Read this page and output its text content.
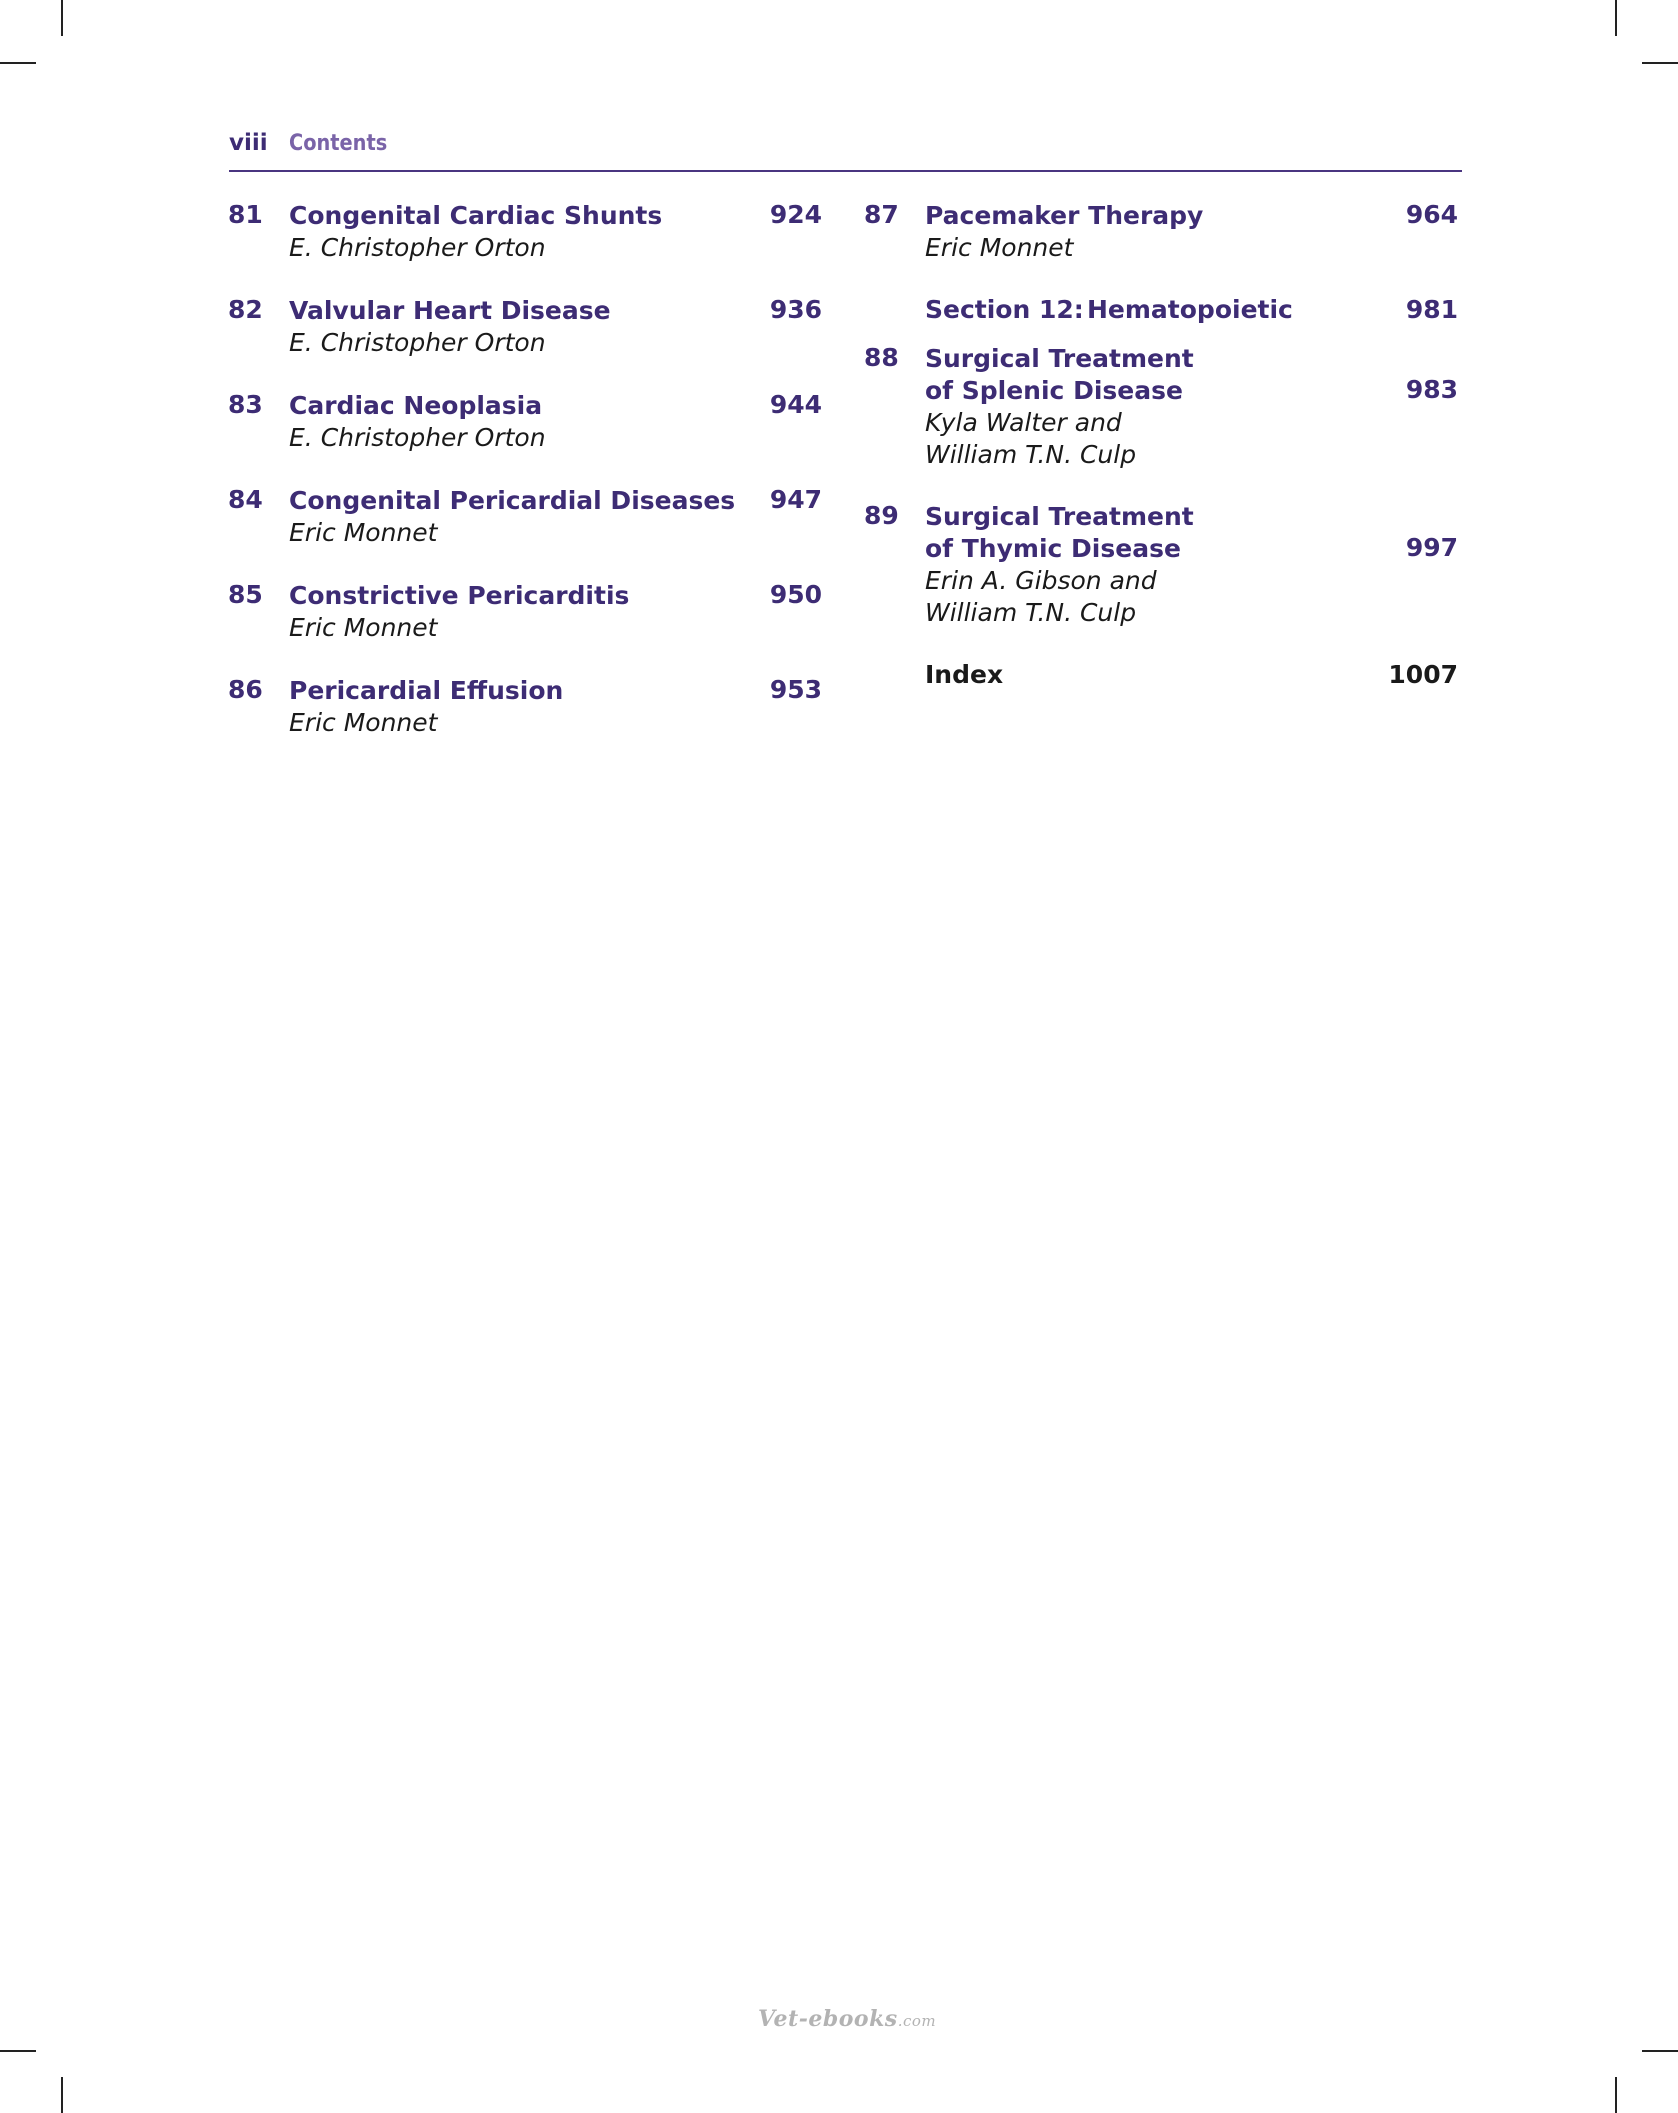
viii Contents
81 Congenital Cardiac Shunts
E. Christopher Orton
924
82 Valvular Heart Disease
E. Christopher Orton
936
83 Cardiac Neoplasia
E. Christopher Orton
944
84 Congenital Pericardial Diseases
Eric Monnet
947
85 Constrictive Pericarditis
Eric Monnet
950
86 Pericardial Effusion
Eric Monnet
953
87 Pacemaker Therapy
Eric Monnet
964
Section 12: Hematopoietic	981
88 Surgical Treatment
of Splenic Disease
Kyla Walter and
William T.N. Culp
983
89 Surgical Treatment
of Thymic Disease
Erin A. Gibson and
William T.N. Culp
997
Index	1007
Vet-ebooks.com
